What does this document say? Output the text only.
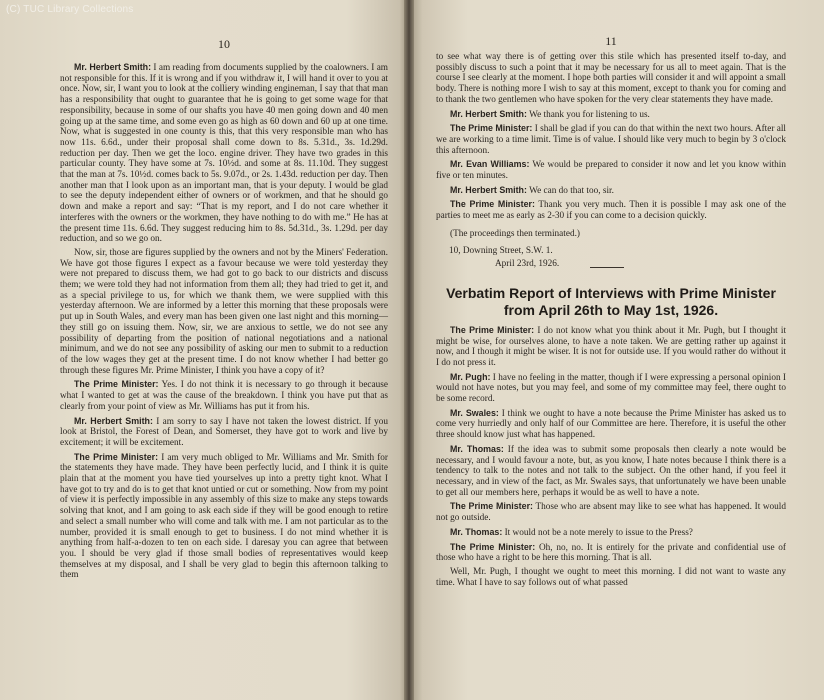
(C) TUC Library Collections
10

Mr. Herbert Smith: I am reading from documents supplied by the coalowners. I am not responsible for this. If it is wrong and if you withdraw it, I will hand it over to you at once. Now, sir, I want you to look at the colliery winding engineman, I say that that man has a responsibility that ought to guarantee that he is going to get some wage for that responsibility, because in some of our shafts you have 40 men going down and 40 men going up at the same time, and some even go as high as 60 down and 60 up at one time. Now, what is suggested in one county is this, that this very responsible man who has now 11s. 6.6d., under their proposal shall come down to 8s. 5.31d., 3s. 1d.29d. reduction per day. Then we get the loco. engine driver. They have two grades in this particular county. They have some at 7s. 10½d. and some at 8s. 11.10d. They suggest that the man at 7s. 10½d. comes back to 5s. 9.07d., or 2s. 1.43d. reduction per day. Then another man that I look upon as an important man, that is your deputy. I would be glad to see the deputy independent either of owners or of workmen, and that he should go down and make a report and say: “That is my report, and I do not care whether it interferes with the owners or the workmen, they have nothing to do with me.” He has at the present time 11s. 6.6d. They suggest reducing him to 8s. 5d.31d., 3s. 1.29d. per day reduction, and so we go on.

Now, sir, those are figures supplied by the owners and not by the Miners' Federation. We have got those figures I expect as a favour because we were told yesterday they were not prepared to discuss them, we had got to go back to our districts and discuss them; we were told they had not information from them all; they had tried to get it, and as a special privilege to us, for which we thank them, we were supplied with this yesterday afternoon. We are informed by a letter this morning that these proposals were put up in South Wales, and every man has been given one last night and this morning—they still go on issuing them. Now, sir, we are anxious to settle, we do not see any possibility of departing from the position of national negotiations and a national minimum, and we do not see any possibility of asking our men to submit to a reduction of the low wages they get at the present time. I do not know whether I had better go through these figures Mr. Prime Minister, I think you have a copy of it?

The Prime Minister: Yes. I do not think it is necessary to go through it because what I wanted to get at was the cause of the breakdown. I think you have put that as clearly from your point of view as Mr. Williams has put it from his.

Mr. Herbert Smith: I am sorry to say I have not taken the lowest district. If you look at Bristol, the Forest of Dean, and Somerset, they have got to work and live by excitement; it will be excitement.

The Prime Minister: I am very much obliged to Mr. Williams and Mr. Smith for the statements they have made. They have been perfectly lucid, and I think it is quite plain that at the moment you have tied yourselves up into a pretty tight knot. What I have got to try and do is to get that knot untied or cut or something. Now from my point of view it is perfectly impossible in any assembly of this size to make any steps towards solving that knot, and I am going to ask each side if they will be good enough to retire and select a small number who will come and talk with me. I am not particular as to the number, provided it is small enough to get to business. I do not mind whether it is anything from half-a-dozen to ten on each side. I daresay you can agree that between you. I should be very glad if those small bodies of representatives would keep themselves at my disposal, and I shall be very glad to begin this afternoon talking to them

11

to see what way there is of getting over this stile which has presented itself to-day, and possibly discuss to such a point that it may be necessary for us all to meet again. That is the course I see clearly at the moment. I hope both parties will consider it and will appoint a small body. There is nothing more I wish to say at this moment, except to thank you for coming and to thank the two gentlemen who have spoken for the very clear statements they have made.

Mr. Herbert Smith: We thank you for listening to us.

The Prime Minister: I shall be glad if you can do that within the next two hours. After all we are working to a time limit. Time is of value. I should like very much to begin by 3 o'clock this afternoon.

Mr. Evan Williams: We would be prepared to consider it now and let you know within five or ten minutes.

Mr. Herbert Smith: We can do that too, sir.

The Prime Minister: Thank you very much. Then it is possible I may ask one of the parties to meet me as early as 2-30 if you can come to a decision quickly.

(The proceedings then terminated.)
10, Downing Street, S.W. 1.
April 23rd, 1926.
Verbatim Report of Interviews with Prime Minister from April 26th to May 1st, 1926.

The Prime Minister: I do not know what you think about it Mr. Pugh, but I thought it might be wise, for ourselves alone, to have a note taken. We are getting rather up against it now, and I though it might be wiser. It is not for outside use. If you would rather do without it I do not press it.

Mr. Pugh: I have no feeling in the matter, though if I were expressing a personal opinion I would not have notes, but you may feel, and some of my committee may feel, there ought to be some record.

Mr. Swales: I think we ought to have a note because the Prime Minister has asked us to come very hurriedly and only half of our Committee are here. Therefore, it is useful the other three should know just what has happened.

Mr. Thomas: If the idea was to submit some proposals then clearly a note would be necessary, and I would favour a note, but, as you know, I hate notes because I think there is a tendency to talk to the notes and not talk to the subject. On the other hand, if you feel it necessary, and in view of the fact, as Mr. Swales says, that unfortunately we have been unable to get all our members here, perhaps it would be as well to have a note.

The Prime Minister: Those who are absent may like to see what has happened. It would not go outside.

Mr. Thomas: It would not be a note merely to issue to the Press?

The Prime Minister: Oh, no, no. It is entirely for the private and confidential use of those who have a right to be here this morning. That is all.

Well, Mr. Pugh, I thought we ought to meet this morning. I did not want to waste any time. What I have to say follows out of what passed
